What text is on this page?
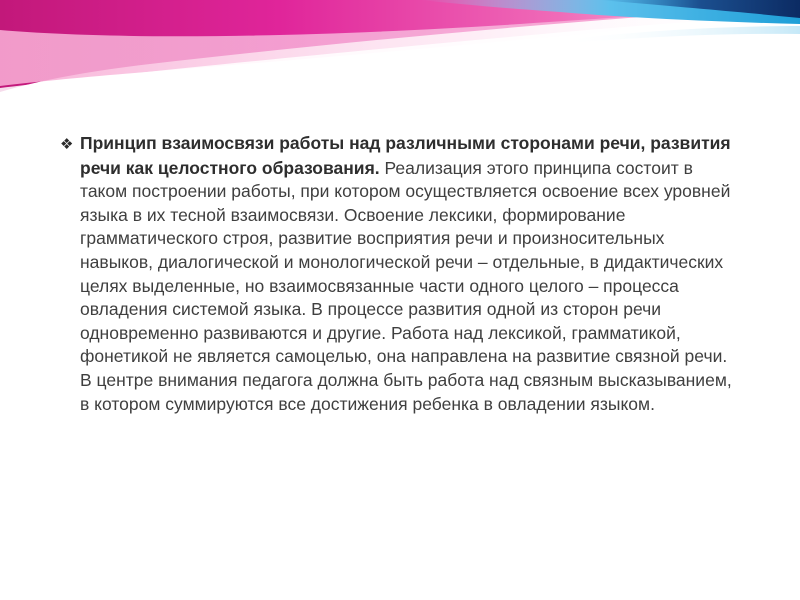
❖ Принцип взаимосвязи работы над различными сторонами речи, развития речи как целостного образования. Реализация этого принципа состоит в таком построении работы, при котором осуществляется освоение всех уровней языка в их тесной взаимосвязи. Освоение лексики, формирование грамматического строя, развитие восприятия речи и произносительных навыков, диалогической и монологической речи – отдельные, в дидактических целях выделенные, но взаимосвязанные части одного целого – процесса овладения системой языка. В процессе развития одной из сторон речи одновременно развиваются и другие. Работа над лексикой, грамматикой, фонетикой не является самоцелью, она направлена на развитие связной речи. В центре внимания педагога должна быть работа над связным высказыванием, в котором суммируются все достижения ребенка в овладении языком.
